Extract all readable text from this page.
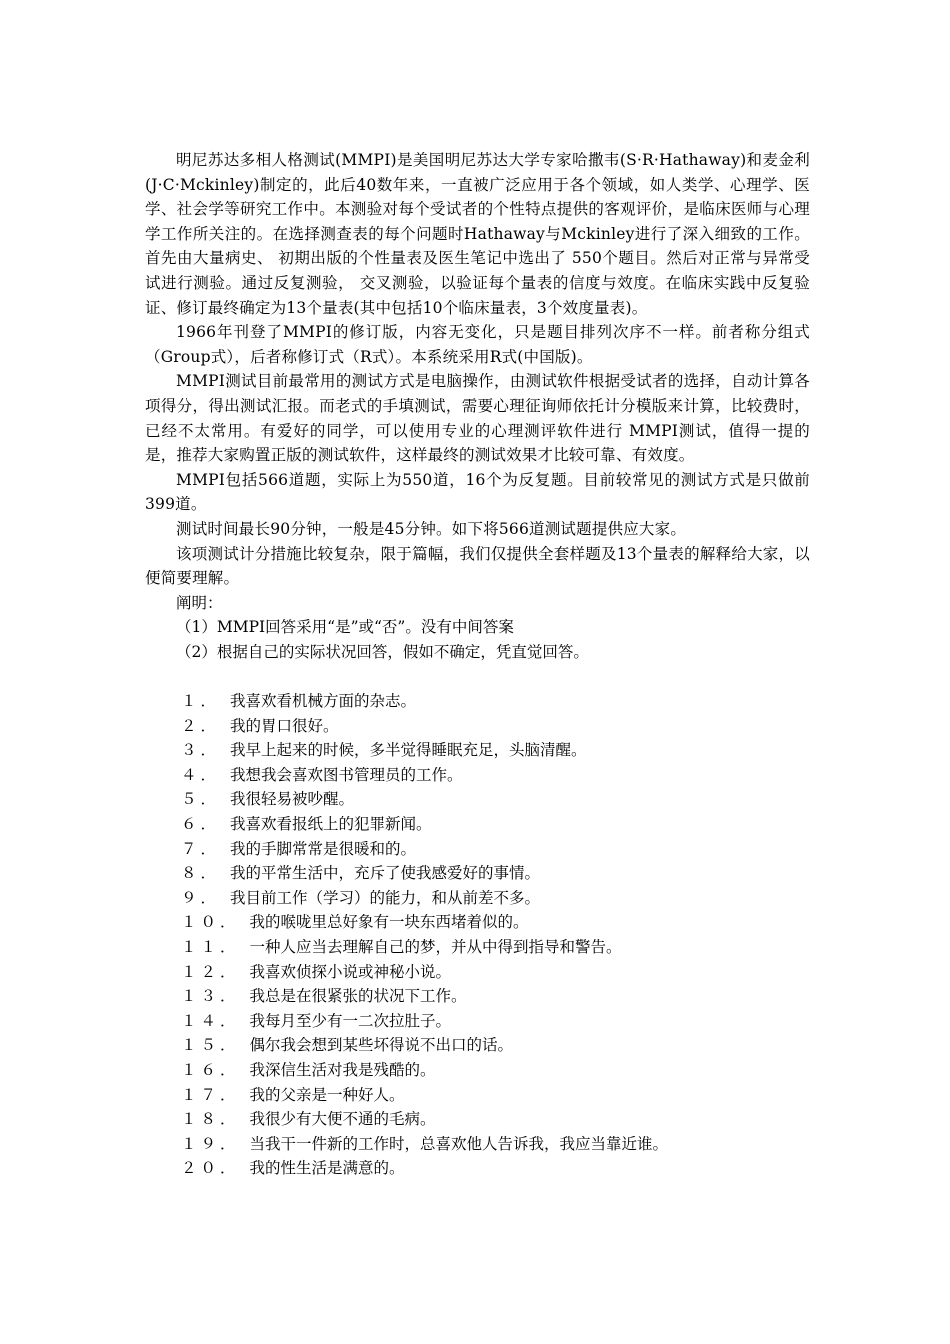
明尼苏达多相人格测试(MMPI)是美国明尼苏达大学专家哈撒韦(S·R·Hathaway)和麦金利(J·C·Mckinley)制定的，此后40数年来，一直被广泛应用于各个领域，如人类学、心理学、医学、社会学等研究工作中。本测验对每个受试者的个性特点提供的客观评价，是临床医师与心理学工作所关注的。在选择测查表的每个问题时Hathaway与Mckinley进行了深入细致的工作。 首先由大量病史、 初期出版的个性量表及医生笔记中选出了 550个题目。然后对正常与异常受试进行测验。通过反复测验， 交叉测验，以验证每个量表的信度与效度。在临床实践中反复验证、修订最终确定为13个量表(其中包括10个临床量表，3个效度量表)。

1966年刊登了MMPI的修订版，内容无变化，只是题目排列次序不一样。前者称分组式（Group式），后者称修订式（R式）。本系统采用R式(中国版)。

MMPI测试目前最常用的测试方式是电脑操作，由测试软件根据受试者的选择，自动计算各项得分，得出测试汇报。而老式的手填测试，需要心理征询师依托计分模版来计算，比较费时，已经不太常用。有爱好的同学，可以使用专业的心理测评软件进行 MMPI测试，值得一提的是，推荐大家购置正版的测试软件，这样最终的测试效果才比较可靠、有效度。

MMPI包括566道题，实际上为550道，16个为反复题。目前较常见的测试方式是只做前399道。

测试时间最长90分钟，一般是45分钟。如下将566道测试题提供应大家。

该项测试计分措施比较复杂，限于篇幅，我们仅提供全套样题及13个量表的解释给大家，以便简要理解。

阐明：

（1）MMPI回答采用“是”或“否”。没有中间答案

（2）根据自己的实际状况回答，假如不确定，凭直觉回答。

１． 我喜欢看机械方面的杂志。
２． 我的胃口很好。
３． 我早上起来的时候，多半觉得睡眠充足，头脑清醒。
４． 我想我会喜欢图书管理员的工作。
５． 我很轻易被吵醒。
６． 我喜欢看报纸上的犯罪新闻。
７． 我的手脚常常是很暖和的。
８． 我的平常生活中，充斥了使我感爱好的事情。
９． 我目前工作（学习）的能力，和从前差不多。
１０． 我的喉咙里总好象有一块东西堵着似的。
１１． 一种人应当去理解自己的梦，并从中得到指导和警告。
１２． 我喜欢侦探小说或神秘小说。
１３． 我总是在很紧张的状况下工作。
１４． 我每月至少有一二次拉肚子。
１５． 偶尔我会想到某些坏得说不出口的话。
１６． 我深信生活对我是残酷的。
１７． 我的父亲是一种好人。
１８． 我很少有大便不通的毛病。
１９． 当我干一件新的工作时，总喜欢他人告诉我，我应当靠近谁。
２０． 我的性生活是满意的。
